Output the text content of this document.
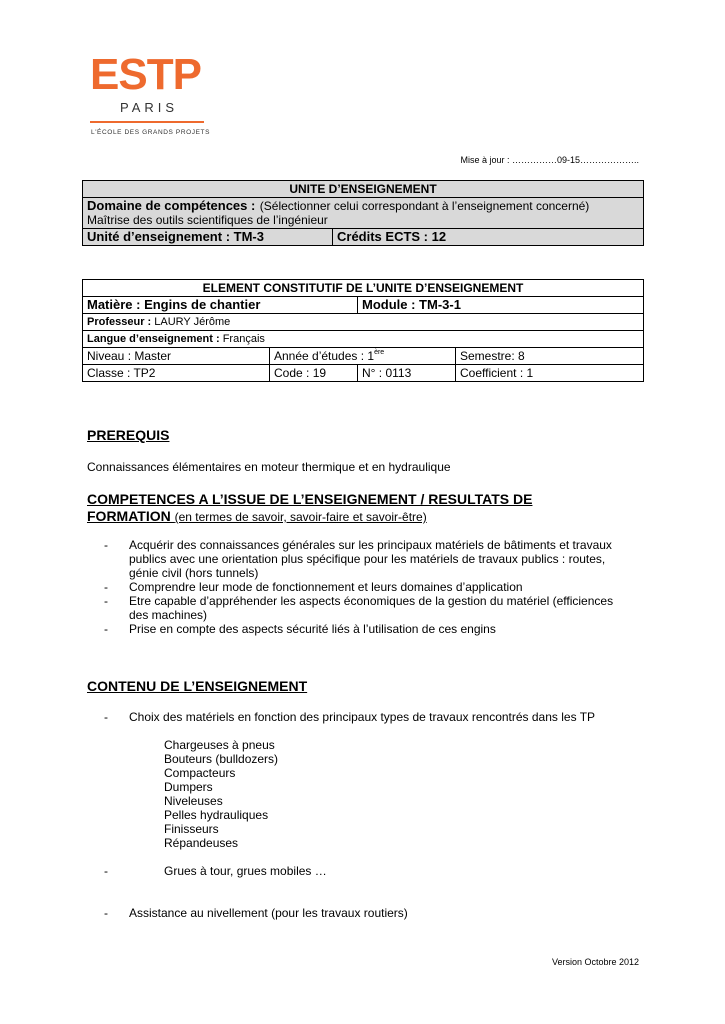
ESTP
PARIS
L'ÉCOLE DES GRANDS PROJETS
Mise à jour : ……………09-15………………..
UNITE D’ENSEIGNEMENT
Domaine de compétences : (Sélectionner celui correspondant à l’enseignement concerné)
Maîtrise des outils scientifiques de l’ingénieur
Unité d’enseignement : TM-3	Crédits ECTS : 12
ELEMENT CONSTITUTIF DE L’UNITE D’ENSEIGNEMENT			
Matière : Engins de chantier		Module : TM-3-1	
Professeur : LAURY Jérôme			
Langue d’enseignement : Français			
Niveau : Master	Année d’études : 1ère		Semestre: 8
Classe : TP2	Code : 19	N° : 0113	Coefficient : 1
PREREQUIS
Connaissances élémentaires en moteur thermique et en hydraulique
COMPETENCES A L’ISSUE DE L’ENSEIGNEMENT / RESULTATS DE
FORMATION (en termes de savoir, savoir-faire et savoir-être)
- Acquérir des connaissances générales sur les principaux matériels de bâtiments et travaux publics avec une orientation plus spécifique pour les matériels de travaux publics : routes, génie civil (hors tunnels)
- Comprendre leur mode de fonctionnement et leurs domaines d’application
- Etre capable d’appréhender les aspects économiques de la gestion du matériel (efficiences des machines)
- Prise en compte des aspects sécurité liés à l’utilisation de ces engins
CONTENU DE L’ENSEIGNEMENT
- Choix des matériels en fonction des principaux types de travaux rencontrés dans les TP
Chargeuses à pneus
Bouteurs (bulldozers)
Compacteurs
Dumpers
Niveleuses
Pelles hydrauliques
Finisseurs
Répandeuses
-	Grues à tour, grues mobiles …
- Assistance au nivellement (pour les travaux routiers)
Version Octobre 2012
